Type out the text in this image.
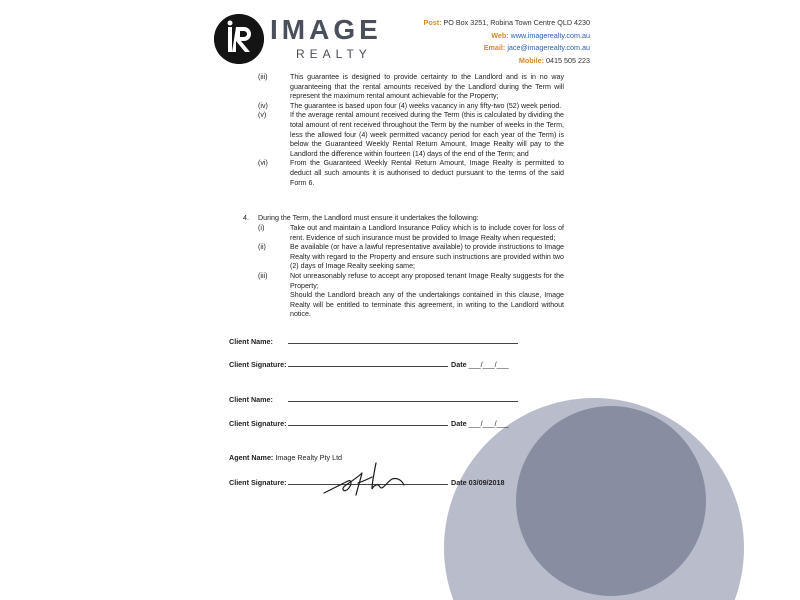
IMAGE
REALTY
Post: PO Box 3251, Robina Town Centre QLD 4230
Web: www.imagerealty.com.au
Email: jace@imagerealty.com.au
Mobile: 0415 505 223
(iii)	This guarantee is designed to provide certainty to the Landlord and is in no way guaranteeing that the rental amounts received by the Landlord during the Term will represent the maximum rental amount achievable for the Property;
(iv)	The guarantee is based upon four (4) weeks vacancy in any fifty-two (52) week period.
(v)	If the average rental amount received during the Term (this is calculated by dividing the total amount of rent received throughout the Term by the number of weeks in the Term, less the allowed four (4) week permitted vacancy period for each year of the Term) is below the Guaranteed Weekly Rental Return Amount, Image Realty will pay to the Landlord the difference within fourteen (14) days of the end of the Term; and
(vi)	From the Guaranteed Weekly Rental Return Amount, Image Realty is permitted to deduct all such amounts it is authorised to deduct pursuant to the terms of the said Form 6.
4. During the Term, the Landlord must ensure it undertakes the following:
(i)	Take out and maintain a Landlord Insurance Policy which is to include cover for loss of rent. Evidence of such insurance must be provided to Image Realty when requested;
(ii)	Be available (or have a lawful representative available) to provide instructions to Image Realty with regard to the Property and ensure such instructions are provided within two (2) days of Image Realty seeking same;
(iii)	Not unreasonably refuse to accept any proposed tenant Image Realty suggests for the Property;
Should the Landlord breach any of the undertakings contained in this clause, Image Realty will be entitled to terminate this agreement, in writing to the Landlord without notice.
Client Name:
Client Signature:	Date ___/___/___
Client Name:
Client Signature:	Date ___/___/___
Agent Name: Image Realty Pty Ltd
Client Signature:	Date 03/09/2018
